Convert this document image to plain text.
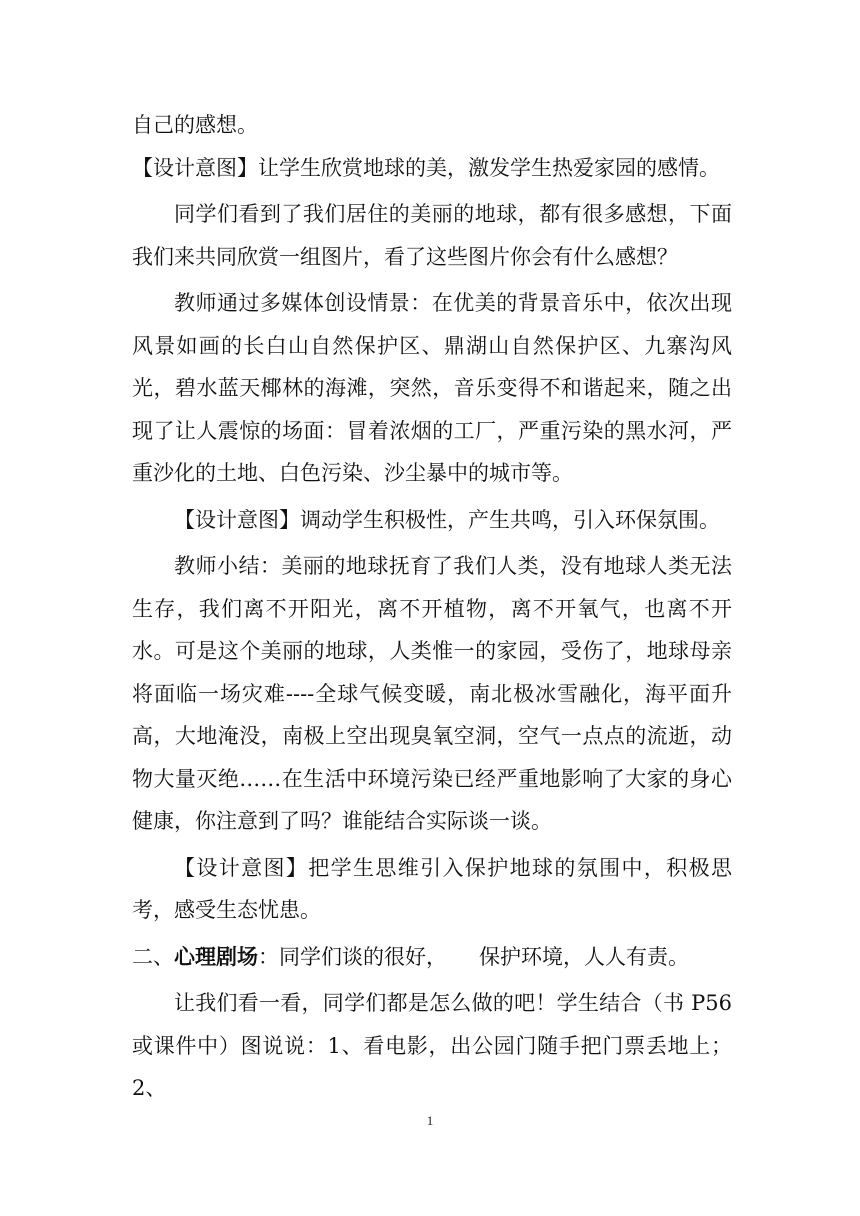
自己的感想。

【设计意图】让学生欣赏地球的美，激发学生热爱家园的感情。

同学们看到了我们居住的美丽的地球，都有很多感想，下面我们来共同欣赏一组图片，看了这些图片你会有什么感想？

教师通过多媒体创设情景：在优美的背景音乐中，依次出现风景如画的长白山自然保护区、鼎湖山自然保护区、九寨沟风光，碧水蓝天椰林的海滩，突然，音乐变得不和谐起来，随之出现了让人震惊的场面：冒着浓烟的工厂，严重污染的黑水河，严重沙化的土地、白色污染、沙尘暴中的城市等。

【设计意图】调动学生积极性，产生共鸣，引入环保氛围。

教师小结：美丽的地球抚育了我们人类，没有地球人类无法生存，我们离不开阳光，离不开植物，离不开氧气，也离不开水。可是这个美丽的地球，人类惟一的家园，受伤了，地球母亲将面临一场灾难----全球气候变暖，南北极冰雪融化，海平面升高，大地淹没，南极上空出现臭氧空洞，空气一点点的流逝，动物大量灭绝……在生活中环境污染已经严重地影响了大家的身心健康，你注意到了吗？谁能结合实际谈一谈。

【设计意图】把学生思维引入保护地球的氛围中，积极思考，感受生态忧患。

二、心理剧场：同学们谈的很好， 保护环境，人人有责。

让我们看一看，同学们都是怎么做的吧！学生结合（书 P56 或课件中）图说说：1、看电影，出公园门随手把门票丢地上；2、

1
